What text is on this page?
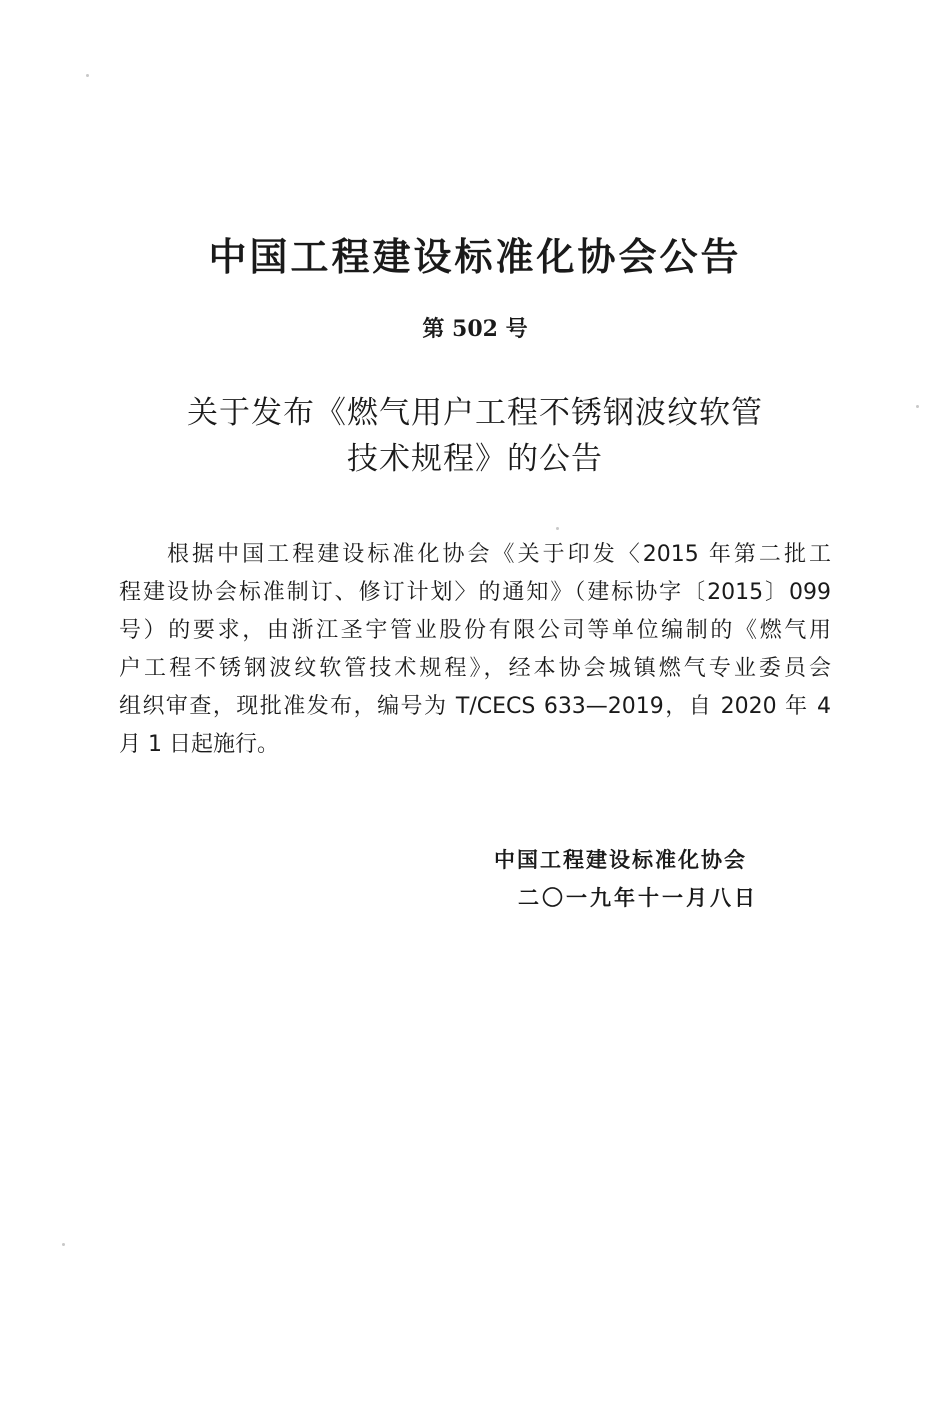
中国工程建设标准化协会公告
第 502 号
关于发布《燃气用户工程不锈钢波纹软管
技术规程》的公告
根据中国工程建设标准化协会《关于印发〈2015 年第二批工
程建设协会标准制订、修订计划〉的通知》（建标协字〔2015〕099
号）的要求，由浙江圣宇管业股份有限公司等单位编制的《燃气用
户工程不锈钢波纹软管技术规程》，经本协会城镇燃气专业委员会
组织审查，现批准发布，编号为 T/CECS 633—2019，自 2020 年 4
月 1 日起施行。
中国工程建设标准化协会
二〇一九年十一月八日
